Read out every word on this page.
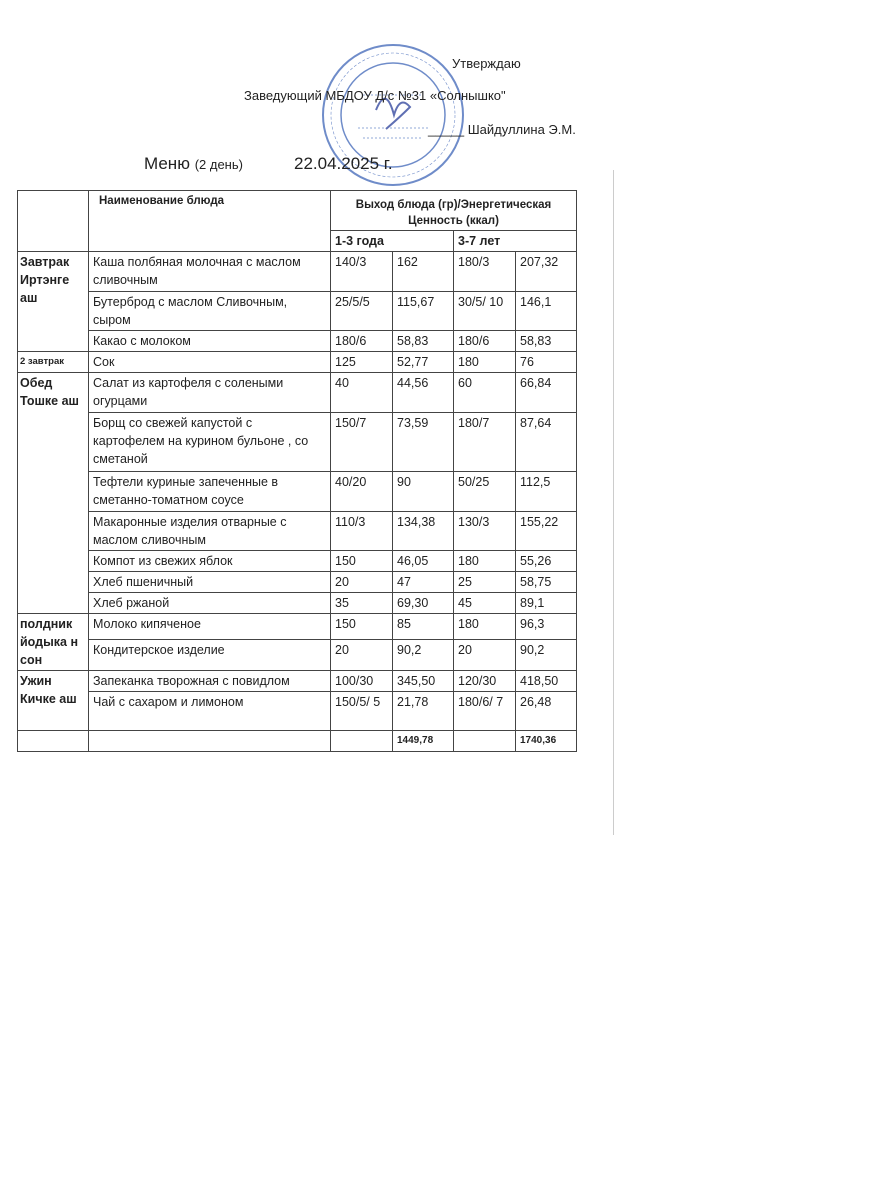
Утверждаю
Заведующий МБДОУ Д/с №31 «Солнышко"
_____ Шайдуллина Э.М.
Меню (2 день)	22.04.2025 г.
	Наименование блюда	Выход блюда (гр)/Энергетическая Ценность (ккал)			
		1-3 года		3-7 лет	
Завтрак Иртэнге аш	Каша полбяная молочная с маслом сливочным	140/3	162	180/3	207,32
	Бутерброд с маслом Сливочным, сыром	25/5/5	115,67	30/5/ 10	146,1
	Какао с молоком	180/6	58,83	180/6	58,83
2 завтрак	Сок	125	52,77	180	76
Обед Тошке аш	Салат из картофеля с солеными огурцами	40	44,56	60	66,84
	Борщ со свежей капустой с картофелем на курином бульоне , со сметаной	150/7	73,59	180/7	87,64
	Тефтели куриные запеченные в сметанно-томатном соусе	40/20	90	50/25	112,5
	Макаронные изделия отварные с маслом сливочным	110/3	134,38	130/3	155,22
	Компот из свежих яблок	150	46,05	180	55,26
	Хлеб пшеничный	20	47	25	58,75
	Хлеб ржаной	35	69,30	45	89,1
полдник йодыка н сон	Молоко кипяченое	150	85	180	96,3
	Кондитерское изделие	20	90,2	20	90,2
Ужин Кичке аш	Запеканка творожная с повидлом	100/30	345,50	120/30	418,50
	Чай с сахаром и лимоном	150/5/ 5	21,78	180/6/ 7	26,48
			1449,78		1740,36
